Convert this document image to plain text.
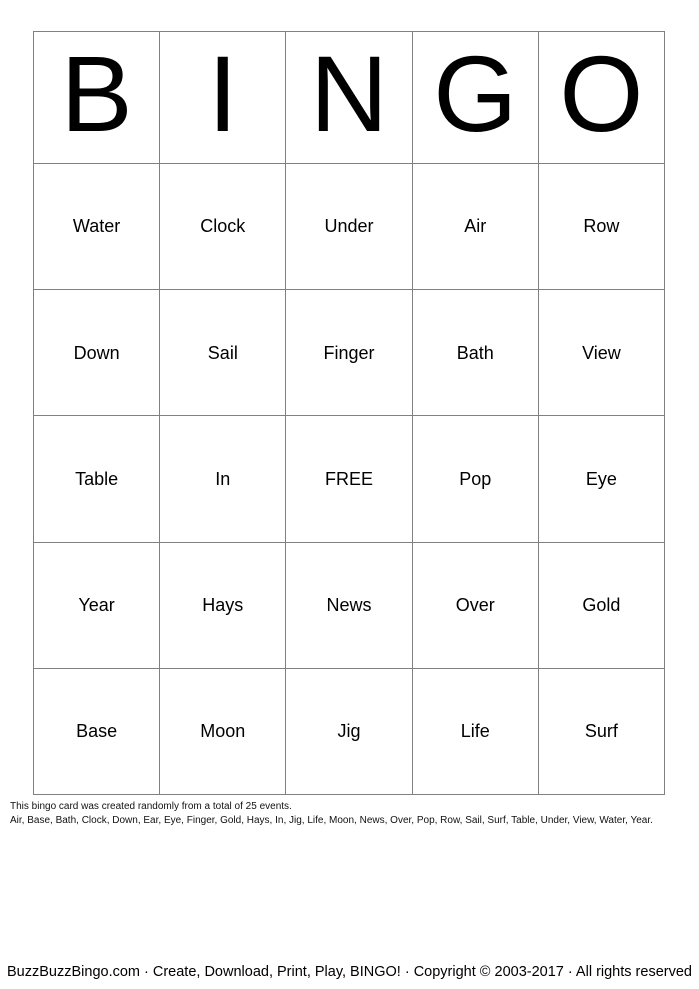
B I N G O
Water	Clock	Under	Air	Row
Down	Sail	Finger	Bath	View
Table	In	FREE	Pop	Eye
Year	Hays	News	Over	Gold
Base	Moon	Jig	Life	Surf
This bingo card was created randomly from a total of 25 events.
Air, Base, Bath, Clock, Down, Ear, Eye, Finger, Gold, Hays, In, Jig, Life, Moon, News, Over, Pop, Row, Sail, Surf, Table, Under, View, Water, Year.
BuzzBuzzBingo.com · Create, Download, Print, Play, BINGO! · Copyright © 2003-2017 · All rights reserved
